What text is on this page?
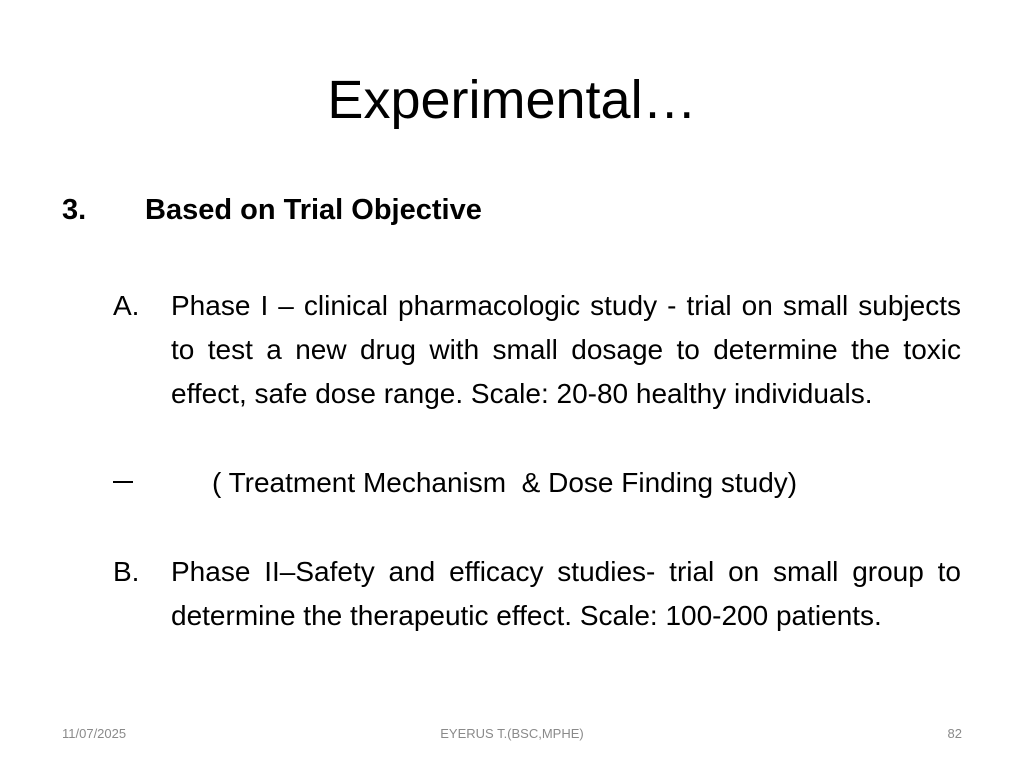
Experimental…
3. Based on Trial Objective
A. Phase I – clinical pharmacologic study - trial on small subjects to test a new drug with small dosage to determine the toxic effect, safe dose range. Scale: 20-80 healthy individuals.
( Treatment Mechanism  & Dose Finding study)
B. Phase II–Safety and efficacy studies- trial on small group to determine the therapeutic effect. Scale: 100-200 patients.
11/07/2025	EYERUS T.(BSC,MPHE)	82
